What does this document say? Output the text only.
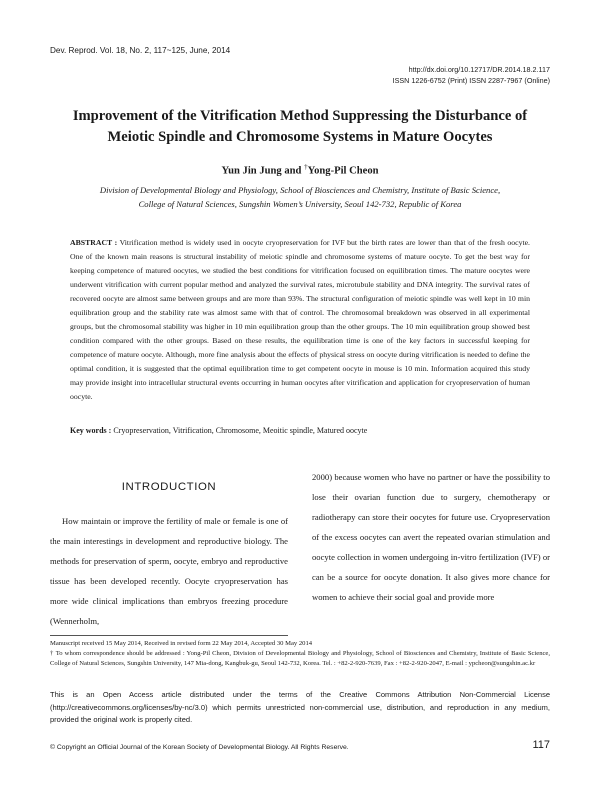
Dev. Reprod. Vol. 18, No. 2, 117~125, June, 2014
http://dx.doi.org/10.12717/DR.2014.18.2.117
ISSN 1226-6752 (Print) ISSN 2287-7967 (Online)
Improvement of the Vitrification Method Suppressing the Disturbance of
Meiotic Spindle and Chromosome Systems in Mature Oocytes
Yun Jin Jung and †Yong-Pil Cheon
Division of Developmental Biology and Physiology, School of Biosciences and Chemistry, Institute of Basic Science,
College of Natural Sciences, Sungshin Women’s University, Seoul 142-732, Republic of Korea
ABSTRACT : Vitrification method is widely used in oocyte cryopreservation for IVF but the birth rates are lower than that of the fresh oocyte. One of the known main reasons is structural instability of meiotic spindle and chromosome systems of mature oocyte. To get the best way for keeping competence of matured oocytes, we studied the best conditions for vitrification focused on equilibration times. The mature oocytes were underwent vitrification with current popular method and analyzed the survival rates, microtubule stability and DNA integrity. The survival rates of recovered oocyte are almost same between groups and are more than 93%. The structural configuration of meiotic spindle was well kept in 10 min equilibration group and the stability rate was almost same with that of control. The chromosomal breakdown was observed in all experimental groups, but the chromosomal stability was higher in 10 min equilibration group than the other groups. The 10 min equilibration group showed best condition compared with the other groups. Based on these results, the equilibration time is one of the key factors in successful keeping for competence of mature oocyte. Although, more fine analysis about the effects of physical stress on oocyte during vitrification is needed to define the optimal condition, it is suggested that the optimal equilibration time to get competent oocyte in mouse is 10 min. Information acquired this study may provide insight into intracellular structural events occurring in human oocytes after vitrification and application for cryopreservation of human oocyte.
Key words : Cryopreservation, Vitrification, Chromosome, Meoitic spindle, Matured oocyte
INTRODUCTION
How maintain or improve the fertility of male or female is one of the main interestings in development and reproductive biology. The methods for preservation of sperm, oocyte, embryo and reproductive tissue has been developed recently. Oocyte cryopreservation has more wide clinical implications than embryos freezing procedure (Wennerholm,
2000) because women who have no partner or have the possibility to lose their ovarian function due to surgery, chemotherapy or radiotherapy can store their oocytes for future use. Cryopreservation of the excess oocytes can avert the repeated ovarian stimulation and oocyte collection in women undergoing in-vitro fertilization (IVF) or can be a source for oocyte donation. It also gives more chance for women to achieve their social goal and provide more
Manuscript received 15 May 2014, Received in revised form 22 May 2014, Accepted 30 May 2014
† To whom correspondence should be addressed : Yong-Pil Cheon, Division of Developmental Biology and Physiology, School of Biosciences and Chemistry, Institute of Basic Science, College of Natural Sciences, Sungshin University, 147 Mia-dong, Kangbuk-gu, Seoul 142-732, Korea. Tel. : +82-2-920-7639, Fax : +82-2-920-2047, E-mail : ypcheon@sungshin.ac.kr
This is an Open Access article distributed under the terms of the Creative Commons Attribution Non-Commercial License (http://creativecommons.org/licenses/by-nc/3.0) which permits unrestricted non-commercial use, distribution, and reproduction in any medium, provided the original work is properly cited.
© Copyright an Official Journal of the Korean Society of Developmental Biology. All Rights Reserve.	117
